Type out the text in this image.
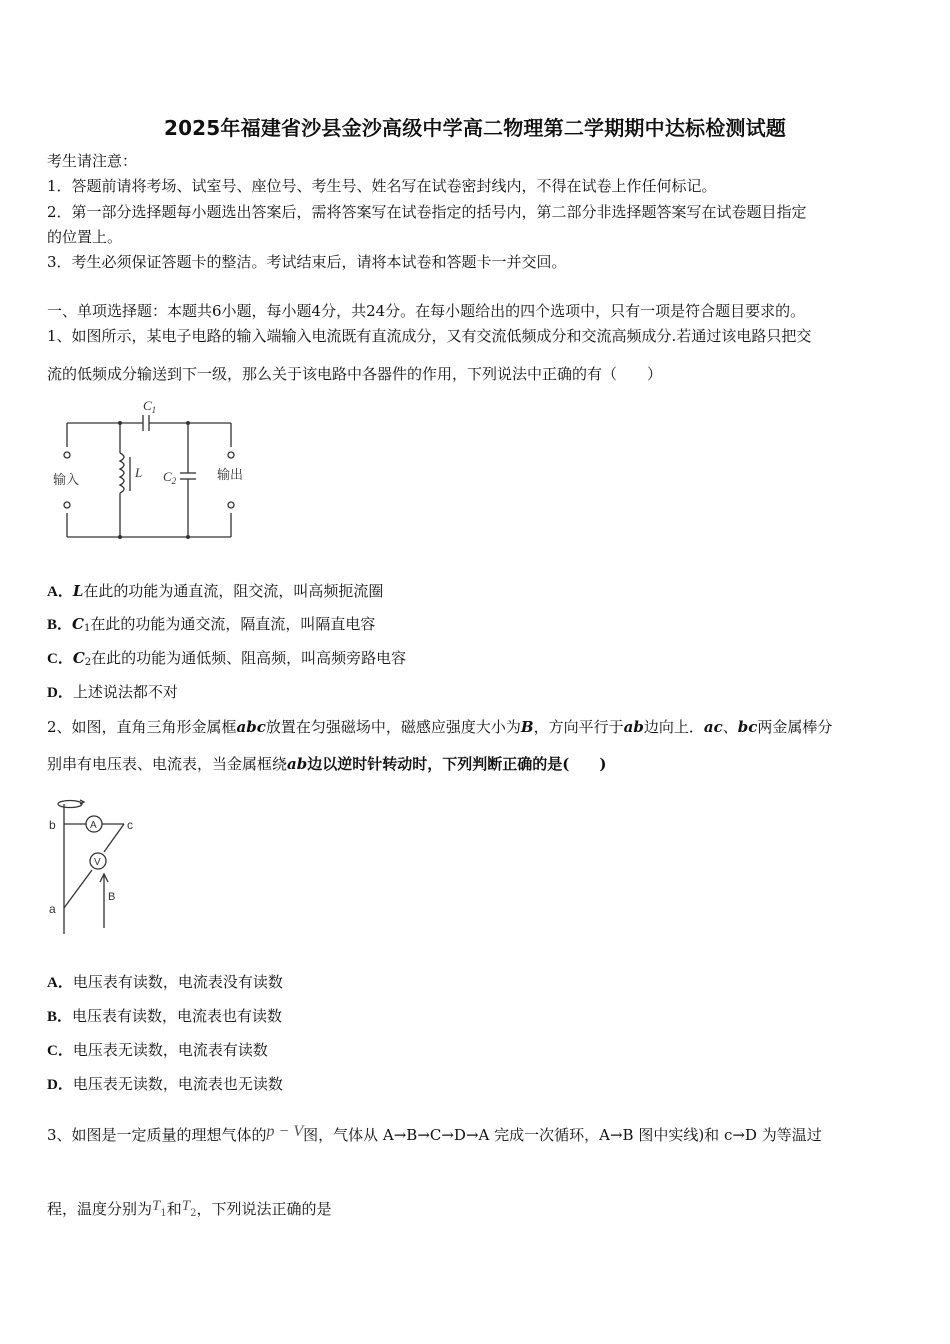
2025年福建省沙县金沙高级中学高二物理第二学期期中达标检测试题
考生请注意：
1．答题前请将考场、试室号、座位号、考生号、姓名写在试卷密封线内，不得在试卷上作任何标记。
2．第一部分选择题每小题选出答案后，需将答案写在试卷指定的括号内，第二部分非选择题答案写在试卷题目指定
的位置上。
3．考生必须保证答题卡的整洁。考试结束后，请将本试卷和答题卡一并交回。
一、单项选择题：本题共6小题，每小题4分，共24分。在每小题给出的四个选项中，只有一项是符合题目要求的。
1、如图所示，某电子电路的输入端输入电流既有直流成分，又有交流低频成分和交流高频成分.若通过该电路只把交
流的低频成分输送到下一级，那么关于该电路中各器件的作用，下列说法中正确的有（　　）
$C_1$
L $C_2$
输入	输出
A．L在此的功能为通直流，阻交流，叫高频扼流圈
B．$C_1$在此的功能为通交流，隔直流，叫隔直电容
C．$C_2$在此的功能为通低频、阻高频，叫高频旁路电容
D．上述说法都不对
2、如图，直角三角形金属框abc放置在匀强磁场中，磁感应强度大小为B，方向平行于ab边向上．ac、bc两金属棒分
别串有电压表、电流表，当金属框绕ab边以逆时针转动时，下列判断正确的是(　　)
b	c
a
A
V
B
A．电压表有读数，电流表没有读数
B．电压表有读数，电流表也有读数
C．电压表无读数，电流表有读数
D．电压表无读数，电流表也无读数
3、如图是一定质量的理想气体的p − V图，气体从 A→B→C→D→A 完成一次循环，A→B 图中实线)和 c→D 为等温过
程，温度分别为$T_1$和$T_2$，下列说法正确的是
